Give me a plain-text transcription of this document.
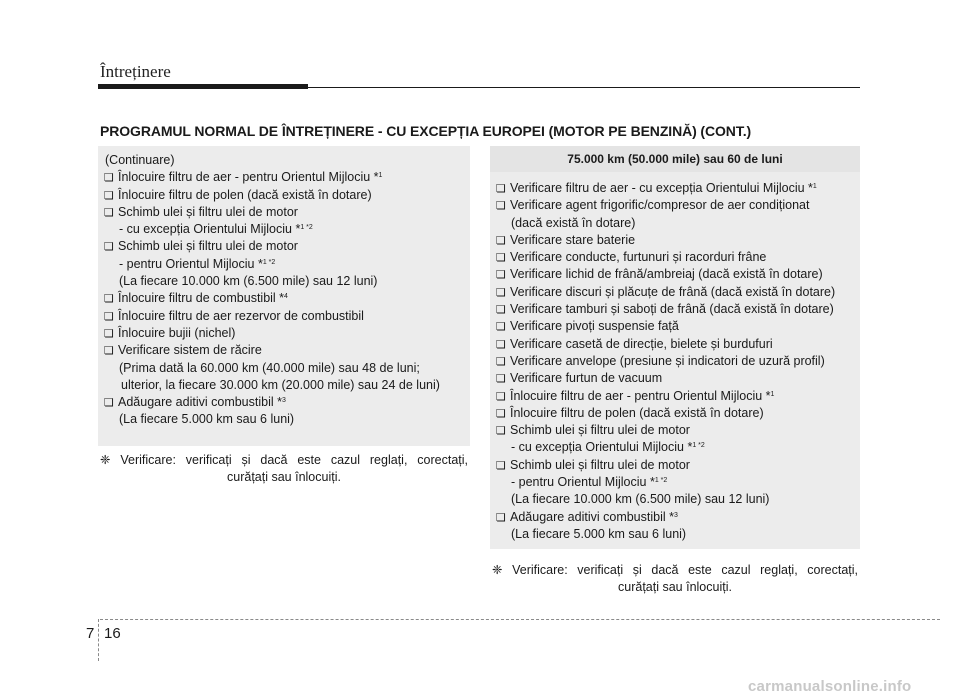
Întreținere
PROGRAMUL NORMAL DE ÎNTREȚINERE - CU EXCEPȚIA EUROPEI (MOTOR PE BENZINĂ) (CONT.)
(Continuare)
❏ Înlocuire filtru de aer - pentru Orientul Mijlociu *$^1$
❏ Înlocuire filtru de polen (dacă există în dotare)
❏ Schimb ulei și filtru ulei de motor
- cu excepția Orientului Mijlociu *$^{1 *2}$
❏ Schimb ulei și filtru ulei de motor
- pentru Orientul Mijlociu *$^{1 *2}$
(La fiecare 10.000 km (6.500 mile) sau 12 luni)
❏ Înlocuire filtru de combustibil *$^4$
❏ Înlocuire filtru de aer rezervor de combustibil
❏ Înlocuire bujii (nichel)
❏ Verificare sistem de răcire
(Prima dată la 60.000 km (40.000 mile) sau 48 de luni;
ulterior, la fiecare 30.000 km (20.000 mile) sau 24 de luni)
❏ Adăugare aditivi combustibil *$^3$
(La fiecare 5.000 km sau 6 luni)
75.000 km (50.000 mile) sau 60 de luni
❏ Verificare filtru de aer - cu excepția Orientului Mijlociu *$^1$
❏ Verificare agent frigorific/compresor de aer condiționat
(dacă există în dotare)
❏ Verificare stare baterie
❏ Verificare conducte, furtunuri și racorduri frâne
❏ Verificare lichid de frână/ambreiaj (dacă există în dotare)
❏ Verificare discuri și plăcuțe de frână (dacă există în dotare)
❏ Verificare tamburi și saboți de frână (dacă există în dotare)
❏ Verificare pivoți suspensie față
❏ Verificare casetă de direcție, bielete și burdufuri
❏ Verificare anvelope (presiune și indicatori de uzură profil)
❏ Verificare furtun de vacuum
❏ Înlocuire filtru de aer - pentru Orientul Mijlociu *$^1$
❏ Înlocuire filtru de polen (dacă există în dotare)
❏ Schimb ulei și filtru ulei de motor
- cu excepția Orientului Mijlociu *$^{1 *2}$
❏ Schimb ulei și filtru ulei de motor
- pentru Orientul Mijlociu *$^{1 *2}$
(La fiecare 10.000 km (6.500 mile) sau 12 luni)
❏ Adăugare aditivi combustibil *$^3$
(La fiecare 5.000 km sau 6 luni)
❈ Verificare: verificați și dacă este cazul reglați, corectați,
curățați sau înlocuiți.
❈ Verificare: verificați și dacă este cazul reglați, corectați,
curățați sau înlocuiți.
7 16
carmanualsonline.info
